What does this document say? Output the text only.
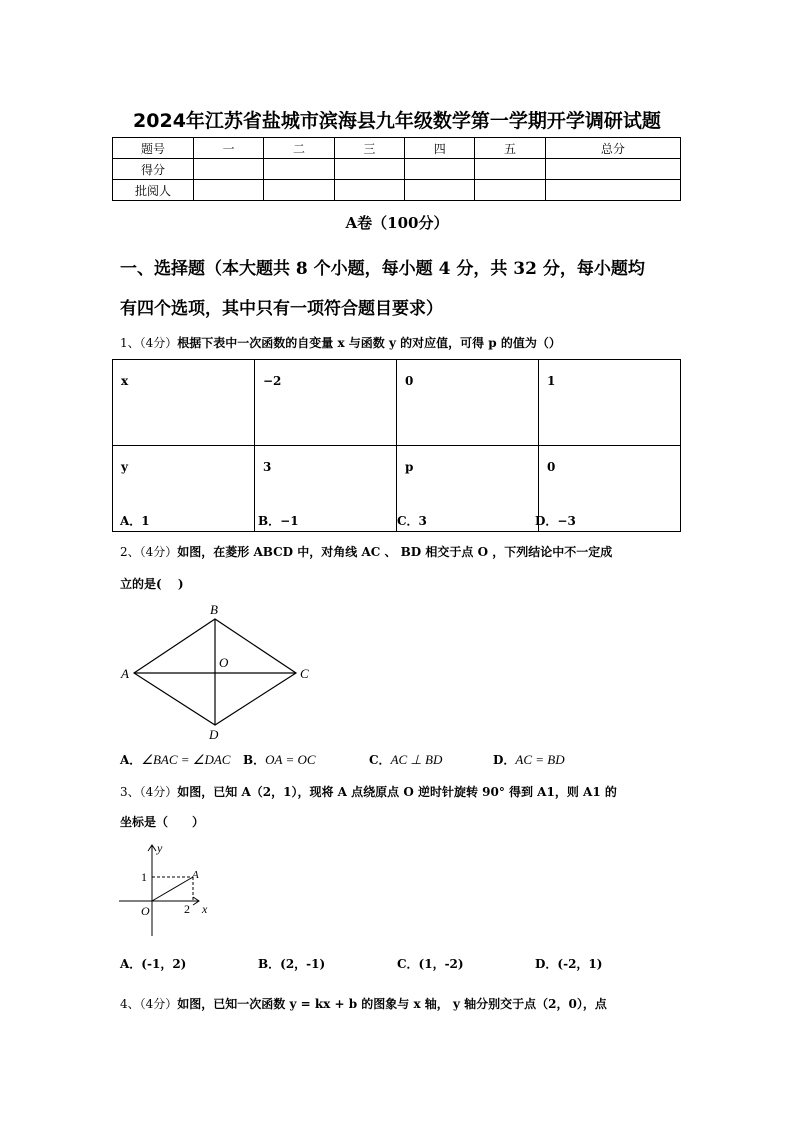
2024年江苏省盐城市滨海县九年级数学第一学期开学调研试题
题号	一	二	三	四	五	总分
得分						
批阅人						
A卷（100分）
一、选择题（本大题共 8 个小题，每小题 4 分，共 32 分，每小题均
有四个选项，其中只有一项符合题目要求）
1、（4分）根据下表中一次函数的自变量 x 与函数 y 的对应值，可得 p 的值为（）
x	−2	0	1
y	3	p	0
A．1	B．−1	C．3	D．−3
2、（4分）如图，在菱形 ABCD 中，对角线 AC 、 BD 相交于点 O ，下列结论中不一定成
立的是(　 )
B
A	C
D
O
A．∠BAC = ∠DAC B．OA = OC	C．AC ⊥ BD	D．AC = BD
3、（4分）如图，已知 A（2，1），现将 A 点绕原点 O 逆时针旋转 90° 得到 A1，则 A1 的
坐标是（　　）
y
1	A
2 x
O
A．(-1，2)	B．(2，-1)	C．(1，-2)	D．(-2，1)
4、（4分）如图，已知一次函数 y = kx + b 的图象与 x 轴， y 轴分别交于点（2，0），点
